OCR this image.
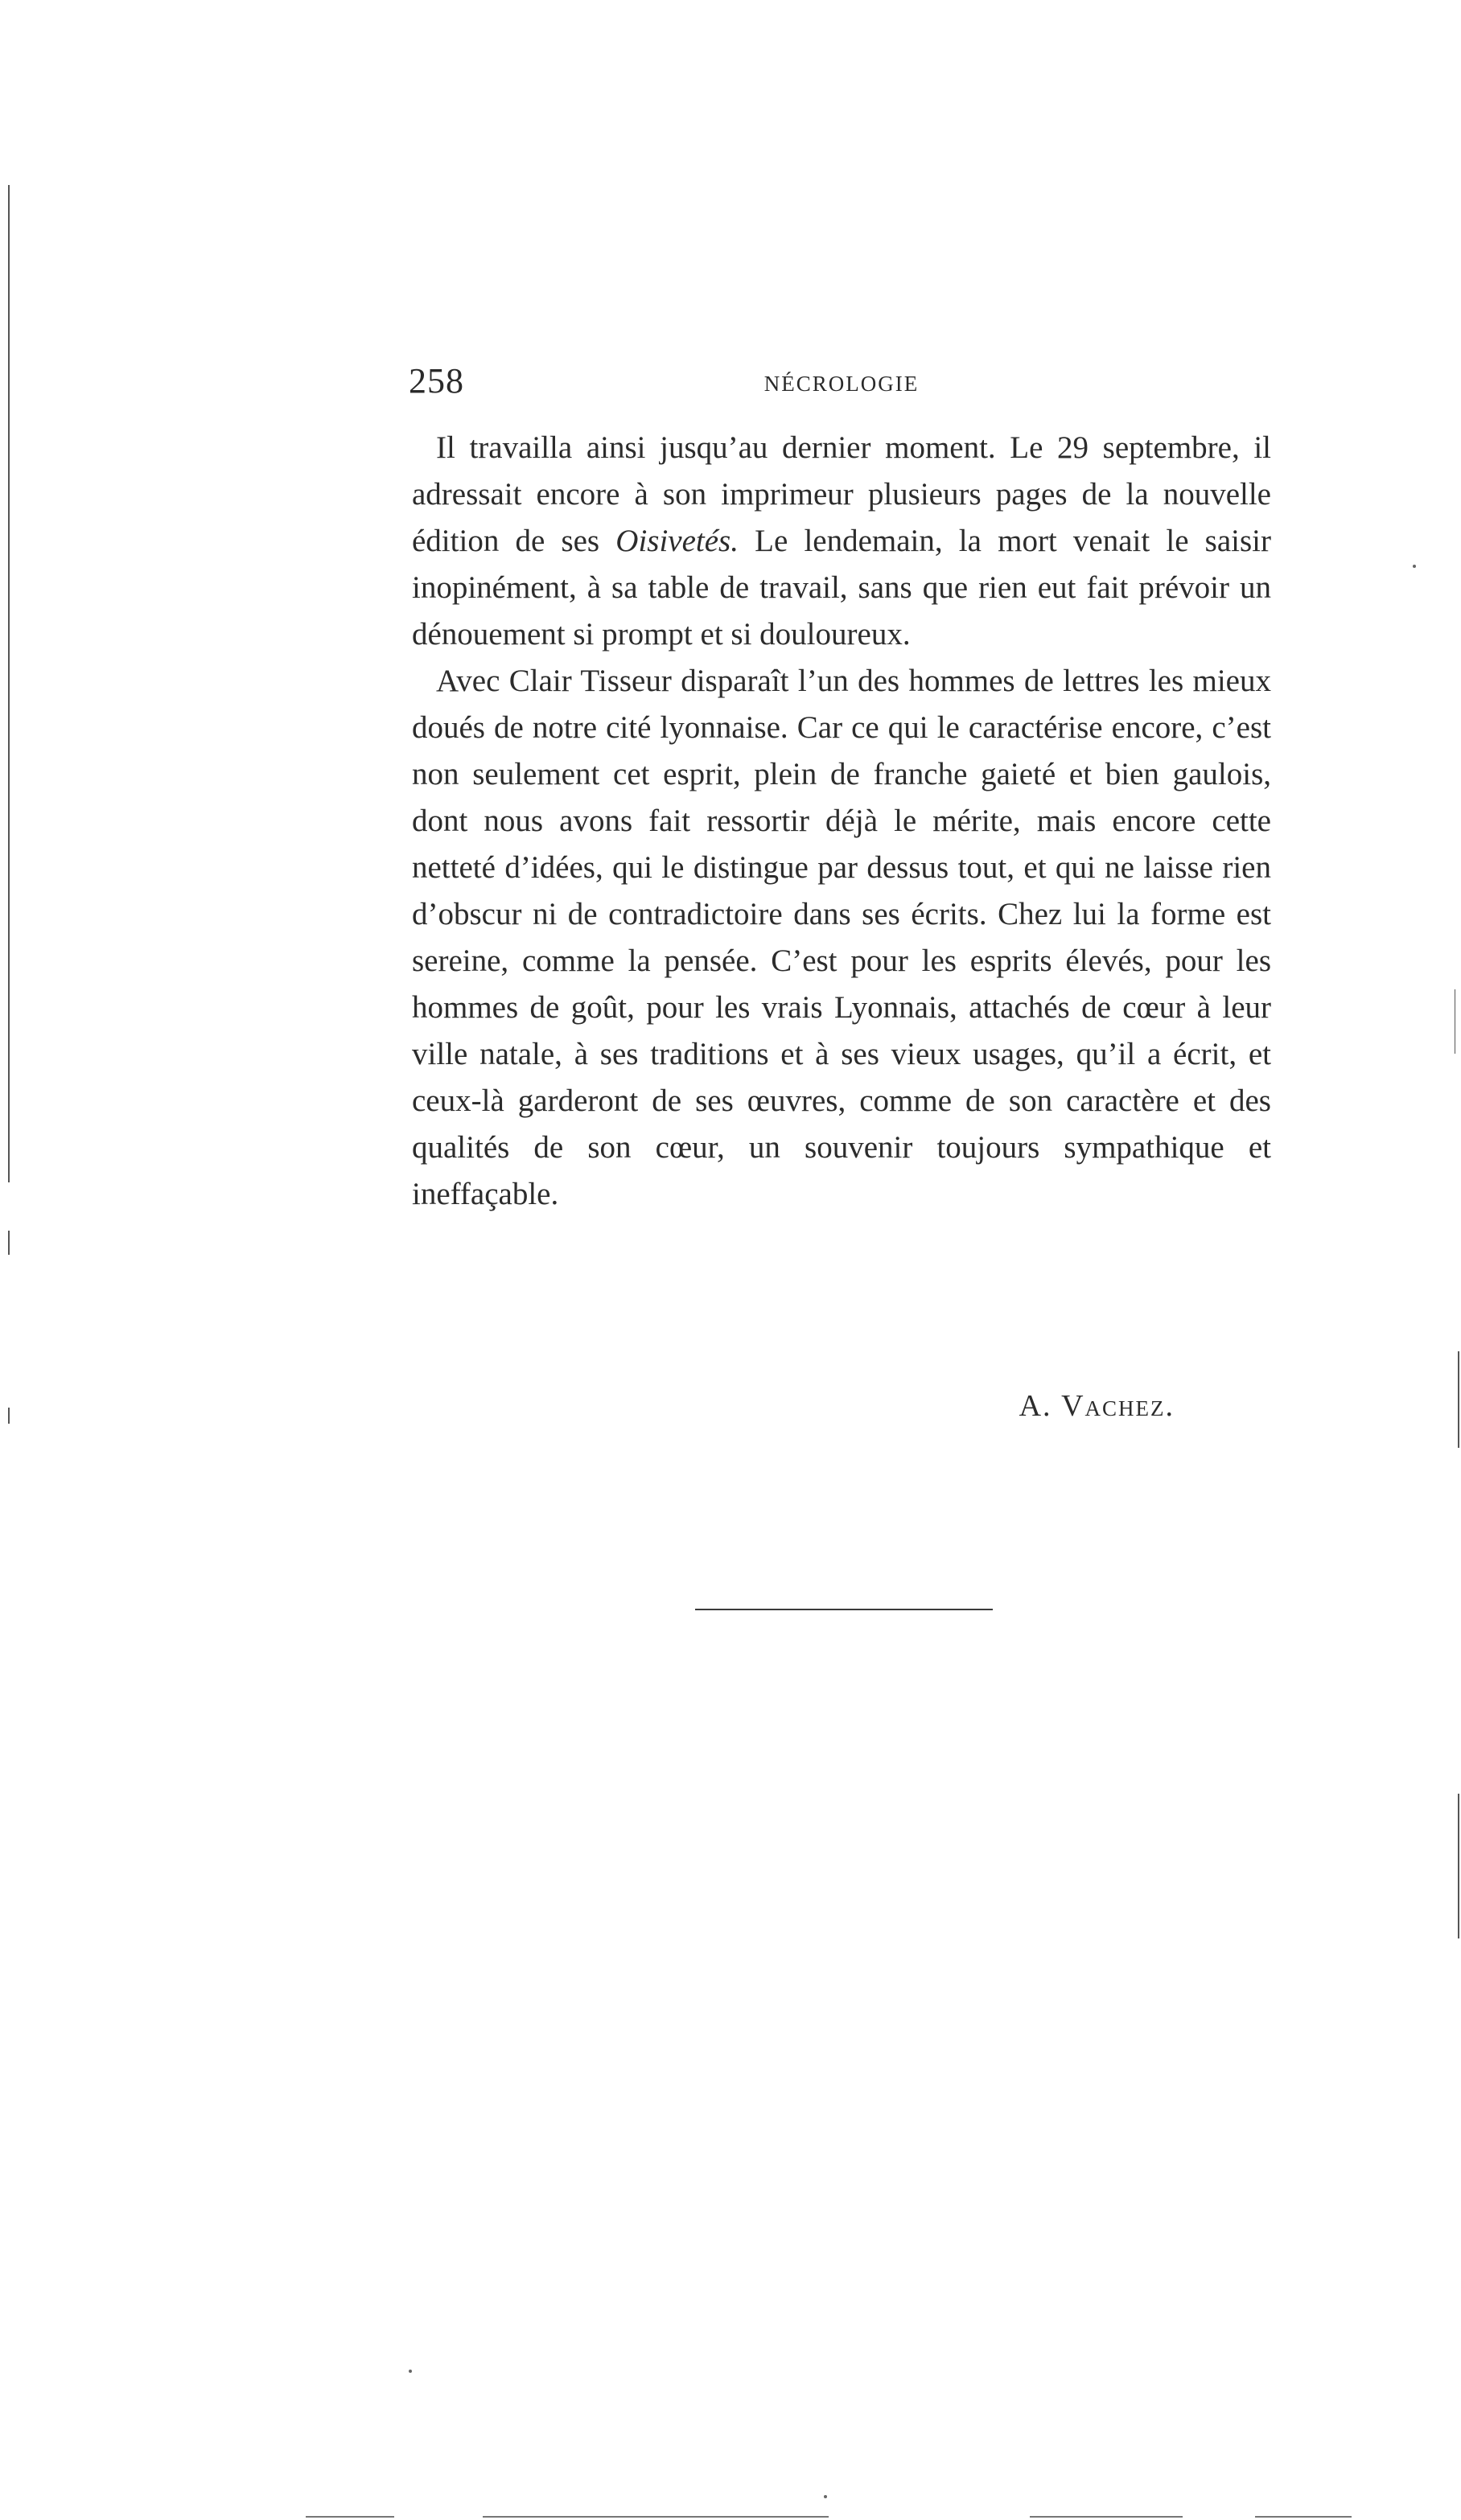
258	NÉCROLOGIE

Il travailla ainsi jusqu’au dernier moment. Le 29 septembre, il adressait encore à son imprimeur plusieurs pages de la nouvelle édition de ses Oisivetés. Le lendemain, la mort venait le saisir inopinément, à sa table de travail, sans que rien eut fait prévoir un dénouement si prompt et si douloureux.

Avec Clair Tisseur disparaît l’un des hommes de lettres les mieux doués de notre cité lyonnaise. Car ce qui le caractérise encore, c’est non seulement cet esprit, plein de franche gaieté et bien gaulois, dont nous avons fait ressortir déjà le mérite, mais encore cette netteté d’idées, qui le distingue par dessus tout, et qui ne laisse rien d’obscur ni de contradictoire dans ses écrits. Chez lui la forme est sereine, comme la pensée. C’est pour les esprits élevés, pour les hommes de goût, pour les vrais Lyonnais, attachés de cœur à leur ville natale, à ses traditions et à ses vieux usages, qu’il a écrit, et ceux-là garderont de ses œuvres, comme de son caractère et des qualités de son cœur, un souvenir toujours sympathique et ineffaçable.

A. Vachez.
